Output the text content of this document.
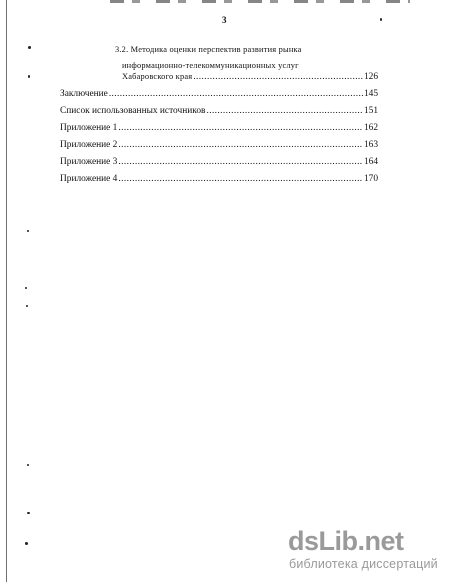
3

3.2. Методика оценки перспектив развития рынка
информационно-телекоммуникационных услуг
Хабаровского края .....	126
Заключение .....	145
Список использованных источников .....	151
Приложение 1 .....	162
Приложение 2 .....	163
Приложение 3 .....	164
Приложение 4 .....	170
dsLib.net
библиотека диссертаций
